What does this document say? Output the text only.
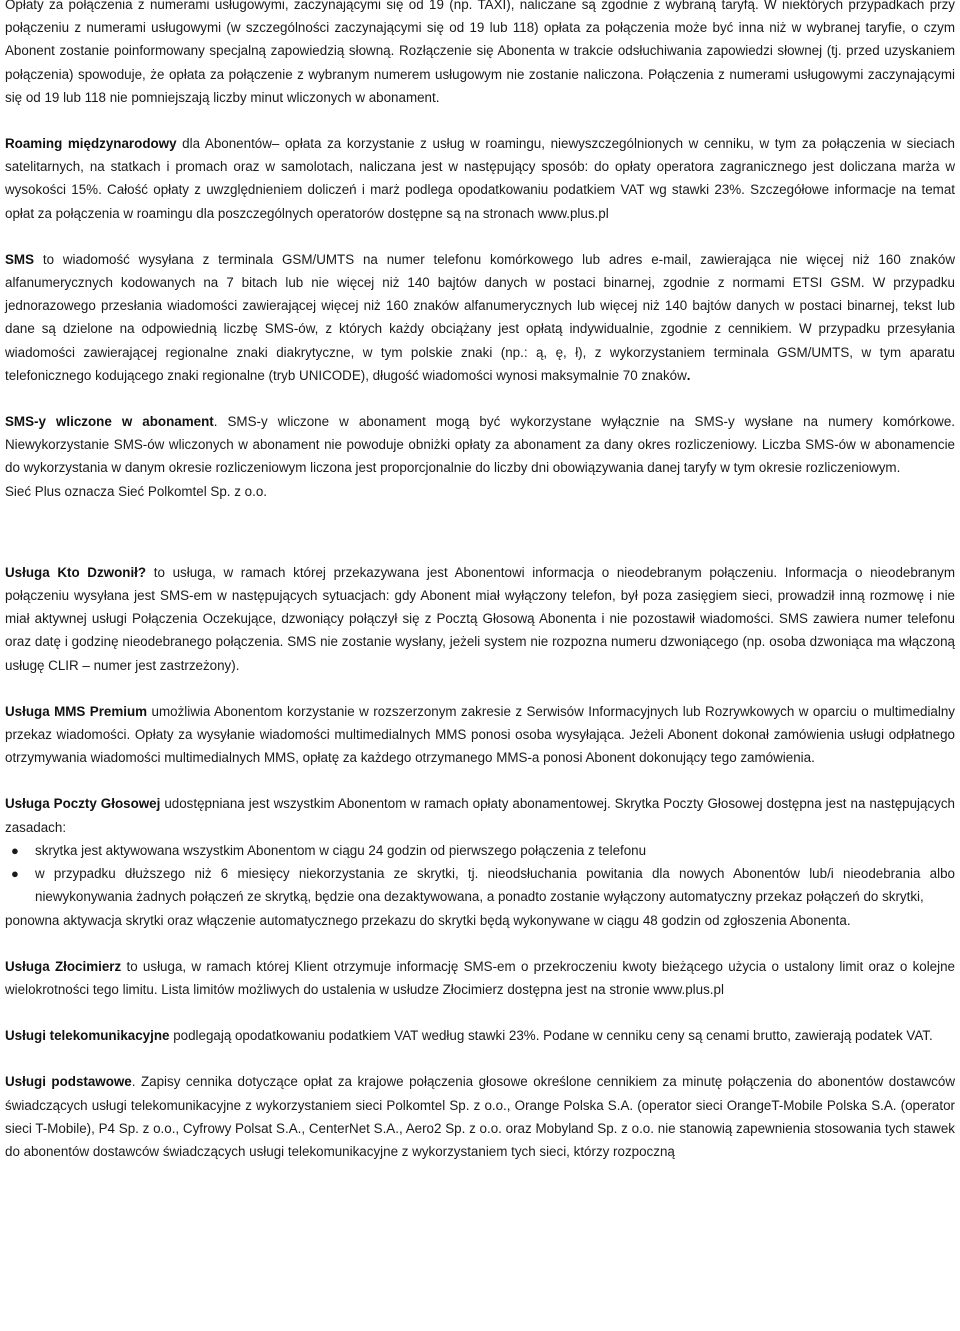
Opłaty za połączenia z numerami usługowymi, zaczynającymi się od 19 (np. TAXI), naliczane są zgodnie z wybraną taryfą. W niektórych przypadkach przy połączeniu z numerami usługowymi (w szczególności zaczynającymi się od 19 lub 118) opłata za połączenia może być inna niż w wybranej taryfie, o czym Abonent zostanie poinformowany specjalną zapowiedzią słowną. Rozłączenie się Abonenta w trakcie odsłuchiwania zapowiedzi słownej (tj. przed uzyskaniem połączenia) spowoduje, że opłata za połączenie z wybranym numerem usługowym nie zostanie naliczona. Połączenia z numerami usługowymi zaczynającymi się od 19 lub 118 nie pomniejszają liczby minut wliczonych w abonament.

Roaming międzynarodowy dla Abonentów– opłata za korzystanie z usług w roamingu, niewyszczególnionych w cenniku, w tym za połączenia w sieciach satelitarnych, na statkach i promach oraz w samolotach, naliczana jest w następujący sposób: do opłaty operatora zagranicznego jest doliczana marża w wysokości 15%. Całość opłaty z uwzględnieniem doliczeń i marż podlega opodatkowaniu podatkiem VAT wg stawki 23%. Szczegółowe informacje na temat opłat za połączenia w roamingu dla poszczególnych operatorów dostępne są na stronach www.plus.pl

SMS to wiadomość wysyłana z terminala GSM/UMTS na numer telefonu komórkowego lub adres e-mail, zawierająca nie więcej niż 160 znaków alfanumerycznych kodowanych na 7 bitach lub nie więcej niż 140 bajtów danych w postaci binarnej, zgodnie z normami ETSI GSM. W przypadku jednorazowego przesłania wiadomości zawierającej więcej niż 160 znaków alfanumerycznych lub więcej niż 140 bajtów danych w postaci binarnej, tekst lub dane są dzielone na odpowiednią liczbę SMS-ów, z których każdy obciążany jest opłatą indywidualnie, zgodnie z cennikiem. W przypadku przesyłania wiadomości zawierającej regionalne znaki diakrytyczne, w tym polskie znaki (np.: ą, ę, ł), z wykorzystaniem terminala GSM/UMTS, w tym aparatu telefonicznego kodującego znaki regionalne (tryb UNICODE), długość wiadomości wynosi maksymalnie 70 znaków.

SMS-y wliczone w abonament. SMS-y wliczone w abonament mogą być wykorzystane wyłącznie na SMS-y wysłane na numery komórkowe. Niewykorzystanie SMS-ów wliczonych w abonament nie powoduje obniżki opłaty za abonament za dany okres rozliczeniowy. Liczba SMS-ów w abonamencie do wykorzystania w danym okresie rozliczeniowym liczona jest proporcjonalnie do liczby dni obowiązywania danej taryfy w tym okresie rozliczeniowym.

Sieć Plus oznacza Sieć Polkomtel Sp. z o.o.

Usługa Kto Dzwonił? to usługa, w ramach której przekazywana jest Abonentowi informacja o nieodebranym połączeniu. Informacja o nieodebranym połączeniu wysyłana jest SMS-em w następujących sytuacjach: gdy Abonent miał wyłączony telefon, był poza zasięgiem sieci, prowadził inną rozmowę i nie miał aktywnej usługi Połączenia Oczekujące, dzwoniący połączył się z Pocztą Głosową Abonenta i nie pozostawił wiadomości. SMS zawiera numer telefonu oraz datę i godzinę nieodebranego połączenia. SMS nie zostanie wysłany, jeżeli system nie rozpozna numeru dzwoniącego (np. osoba dzwoniąca ma włączoną usługę CLIR – numer jest zastrzeżony).

Usługa MMS Premium umożliwia Abonentom korzystanie w rozszerzonym zakresie z Serwisów Informacyjnych lub Rozrywkowych w oparciu o multimedialny przekaz wiadomości. Opłaty za wysyłanie wiadomości multimedialnych MMS ponosi osoba wysyłająca. Jeżeli Abonent dokonał zamówienia usługi odpłatnego otrzymywania wiadomości multimedialnych MMS, opłatę za każdego otrzymanego MMS-a ponosi Abonent dokonujący tego zamówienia.

Usługa Poczty Głosowej udostępniana jest wszystkim Abonentom w ramach opłaty abonamentowej. Skrytka Poczty Głosowej dostępna jest na następujących zasadach:

● skrytka jest aktywowana wszystkim Abonentom w ciągu 24 godzin od pierwszego połączenia z telefonu
● w przypadku dłuższego niż 6 miesięcy niekorzystania ze skrytki, tj. nieodsłuchania powitania dla nowych Abonentów lub/i nieodebrania albo niewykonywania żadnych połączeń ze skrytką, będzie ona dezaktywowana, a ponadto zostanie wyłączony automatyczny przekaz połączeń do skrytki,

ponowna aktywacja skrytki oraz włączenie automatycznego przekazu do skrytki będą wykonywane w ciągu 48 godzin od zgłoszenia Abonenta.

Usługa Złocimierz to usługa, w ramach której Klient otrzymuje informację SMS-em o przekroczeniu kwoty bieżącego użycia o ustalony limit oraz o kolejne wielokrotności tego limitu. Lista limitów możliwych do ustalenia w usłudze Złocimierz dostępna jest na stronie www.plus.pl

Usługi telekomunikacyjne podlegają opodatkowaniu podatkiem VAT według stawki 23%. Podane w cenniku ceny są cenami brutto, zawierają podatek VAT.

Usługi podstawowe. Zapisy cennika dotyczące opłat za krajowe połączenia głosowe określone cennikiem za minutę połączenia do abonentów dostawców świadczących usługi telekomunikacyjne z wykorzystaniem sieci Polkomtel Sp. z o.o., Orange Polska S.A. (operator sieci OrangeT-Mobile Polska S.A. (operator sieci T-Mobile), P4 Sp. z o.o., Cyfrowy Polsat S.A., CenterNet S.A., Aero2 Sp. z o.o. oraz Mobyland Sp. z o.o. nie stanowią zapewnienia stosowania tych stawek do abonentów dostawców świadczących usługi telekomunikacyjne z wykorzystaniem tych sieci, którzy rozpoczną
